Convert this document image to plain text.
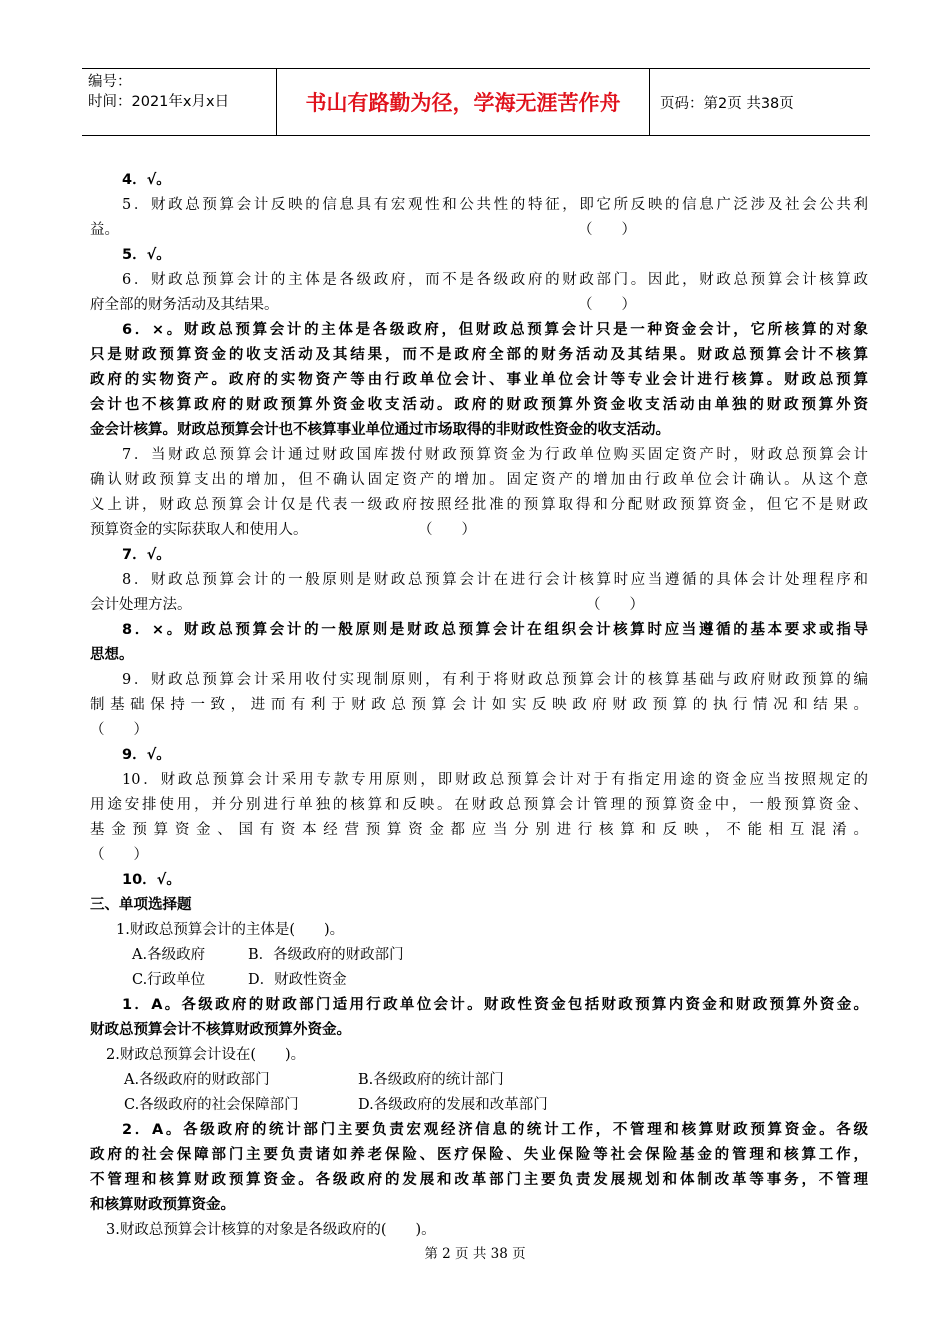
编号：
时间：2021年x月x日	书山有路勤为径，学海无涯苦作舟	页码：第2页 共38页
4．√。
5．财政总预算会计反映的信息具有宏观性和公共性的特征，即它所反映的信息广泛涉及社会公共利
益。	（　　）
5．√。
6．财政总预算会计的主体是各级政府，而不是各级政府的财政部门。因此，财政总预算会计核算政
府全部的财务活动及其结果。	（　　）
6．×。财政总预算会计的主体是各级政府，但财政总预算会计只是一种资金会计，它所核算的对象
只是财政预算资金的收支活动及其结果，而不是政府全部的财务活动及其结果。财政总预算会计不核算
政府的实物资产。政府的实物资产等由行政单位会计、事业单位会计等专业会计进行核算。财政总预算
会计也不核算政府的财政预算外资金收支活动。政府的财政预算外资金收支活动由单独的财政预算外资
金会计核算。财政总预算会计也不核算事业单位通过市场取得的非财政性资金的收支活动。
7．当财政总预算会计通过财政国库拨付财政预算资金为行政单位购买固定资产时，财政总预算会计
确认财政预算支出的增加，但不确认固定资产的增加。固定资产的增加由行政单位会计确认。从这个意
义上讲，财政总预算会计仅是代表一级政府按照经批准的预算取得和分配财政预算资金，但它不是财政
预算资金的实际获取人和使用人。	（　　）
7．√。
8．财政总预算会计的一般原则是财政总预算会计在进行会计核算时应当遵循的具体会计处理程序和
会计处理方法。	（　　）
8．×。财政总预算会计的一般原则是财政总预算会计在组织会计核算时应当遵循的基本要求或指导
思想。
9．财政总预算会计采用收付实现制原则，有利于将财政总预算会计的核算基础与政府财政预算的编
制基础保持一致，进而有利于财政总预算会计如实反映政府财政预算的执行情况和结果。
（　　）
9．√。
10．财政总预算会计采用专款专用原则，即财政总预算会计对于有指定用途的资金应当按照规定的
用途安排使用，并分别进行单独的核算和反映。在财政总预算会计管理的预算资金中，一般预算资金、
基金预算资金、国有资本经营预算资金都应当分别进行核算和反映，不能相互混淆。
（　　）
10．√。
三、单项选择题
1.财政总预算会计的主体是(　　)。
A.各级政府	B．各级政府的财政部门
C.行政单位	D．财政性资金
1．A。各级政府的财政部门适用行政单位会计。财政性资金包括财政预算内资金和财政预算外资金。
财政总预算会计不核算财政预算外资金。
2.财政总预算会计设在(　　)。
A.各级政府的财政部门	B.各级政府的统计部门
C.各级政府的社会保障部门	D.各级政府的发展和改革部门
2．A。各级政府的统计部门主要负责宏观经济信息的统计工作，不管理和核算财政预算资金。各级
政府的社会保障部门主要负责诸如养老保险、医疗保险、失业保险等社会保险基金的管理和核算工作，
不管理和核算财政预算资金。各级政府的发展和改革部门主要负责发展规划和体制改革等事务，不管理
和核算财政预算资金。
3.财政总预算会计核算的对象是各级政府的(　　)。
第 2 页 共 38 页
